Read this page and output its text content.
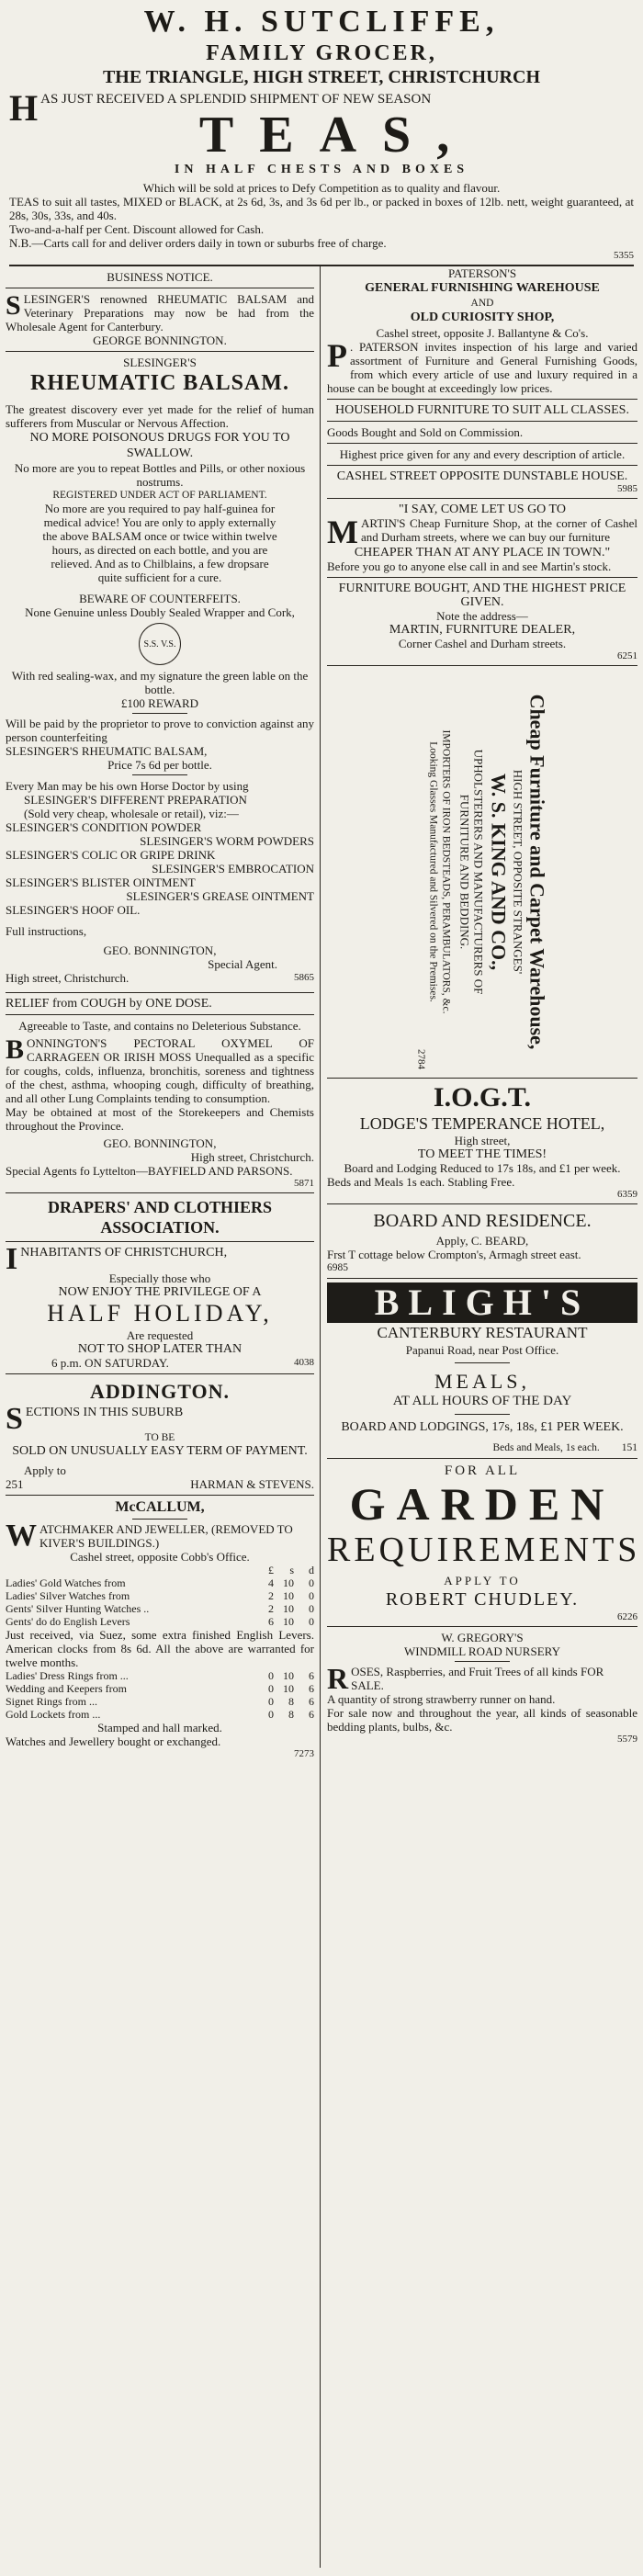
W. H. SUTCLIFFE,
FAMILY GROCER,
THE TRIANGLE, HIGH STREET, CHRISTCHURCH
H AS JUST RECEIVED A SPLENDID SHIPMENT OF NEW SEASON
TEAS,
IN HALF CHESTS AND BOXES

Which will be sold at prices to Defy Competition as to quality and flavour.

TEAS to suit all tastes, MIXED or BLACK, at 2s 6d, 3s, and 3s 6d per lb., or packed in boxes of 12lb. nett, weight guaranteed, at 28s, 30s, 33s, and 40s.

Two-and-a-half per Cent. Discount allowed for Cash.

N.B.—Carts call for and deliver orders daily in town or suburbs free of charge.

5355
BUSINESS NOTICE.

SLESINGER'S renowned RHEUMATIC BALSAM and Veterinary Preparations may now be had from the Wholesale Agent for Canterbury.

GEORGE BONNINGTON.

SLESINGER'S

RHEUMATIC BALSAM.

The greatest discovery ever yet made for the relief of human sufferers from Muscular or Nervous Affection.

NO MORE POISONOUS DRUGS FOR YOU TO SWALLOW.

No more are you to repeat Bottles and Pills, or other noxious nostrums.

REGISTERED UNDER ACT OF PARLIAMENT.

No more are you required to pay half-guinea for medical advice! You are only to apply externally the above BALSAM once or twice within twelve hours, as directed on each bottle, and you are relieved. And as to Chilblains, a few dropsare quite sufficient for a cure.

BEWARE OF COUNTERFEITS.

None Genuine unless Doubly Sealed Wrapper and Cork,

S.S. V.S.

With red sealing-wax, and my signature the green lable on the bottle.

£100 REWARD

Will be paid by the proprietor to prove to conviction against any person counterfeiting

SLESINGER'S RHEUMATIC BALSAM,

Price 7s 6d per bottle.

Every Man may be his own Horse Doctor by using

SLESINGER'S DIFFERENT PREPARATION

(Sold very cheap, wholesale or retail), viz:—

SLESINGER'S CONDITION POWDER

SLESINGER'S WORM POWDERS

SLESINGER'S COLIC OR GRIPE DRINK

SLESINGER'S EMBROCATION

SLESINGER'S BLISTER OINTMENT

SLESINGER'S GREASE OINTMENT

SLESINGER'S HOOF OIL.

Full instructions,

GEO. BONNINGTON,

Special Agent.

High street, Christchurch.	5865

RELIEF from COUGH by ONE DOSE.

Agreeable to Taste, and contains no Deleterious Substance.

BONNINGTON'S PECTORAL OXYMEL OF CARRAGEEN OR IRISH MOSS Unequalled as a specific for coughs, colds, influenza, bronchitis, soreness and tightness of the chest, asthma, whooping cough, difficulty of breathing, and all other Lung Complaints tending to consumption.

May be obtained at most of the Storekeepers and Chemists throughout the Province.

GEO. BONNINGTON,

High street, Christchurch.

Special Agents fo Lyttelton—BAYFIELD AND PARSONS.

5871
DRAPERS' AND CLOTHIERS ASSOCIATION.

INHABITANTS OF CHRISTCHURCH,

Especially those who

NOW ENJOY THE PRIVILEGE OF A

HALF HOLIDAY,

Are requested

NOT TO SHOP LATER THAN

6 p.m. ON SATURDAY.	4038
ADDINGTON.

SECTIONS IN THIS SUBURB

TO BE

SOLD ON UNUSUALLY EASY TERM OF PAYMENT.

Apply to

251	HARMAN & STEVENS.
McCALLUM,

WATCHMAKER AND JEWELLER, (REMOVED TO KIVER'S BUILDINGS.)

Cashel street, opposite Cobb's Office.

	£	s	d
Ladies' Gold Watches from	4	10	0
Ladies' Silver Watches from	2	10	0
Gents' Silver Hunting Watches ..	2	10	0
Gents' do do English Levers	6	10	0

Just received, via Suez, some extra finished English Levers. American clocks from 8s 6d. All the above are warranted for twelve months.

Ladies' Dress Rings from ...	0	10	6
Wedding and Keepers from	0	10	6
Signet Rings from ...	0	8	6
Gold Lockets from ...	0	8	6

Stamped and hall marked.

Watches and Jewellery bought or exchanged.

7273
PATERSON'S
GENERAL FURNISHING WAREHOUSE
AND
OLD CURIOSITY SHOP,
Cashel street, opposite J. Ballantyne & Co's.

P . PATERSON invites inspection of his large and varied assortment of Furniture and General Furnishing Goods, from which every article of use and luxury required in a house can be bought at exceedingly low prices.

HOUSEHOLD FURNITURE TO SUIT ALL CLASSES.

Goods Bought and Sold on Commission.

Highest price given for any and every description of article.

CASHEL STREET OPPOSITE DUNSTABLE HOUSE.

5985
"I SAY, COME LET US GO TO

MARTIN'S Cheap Furniture Shop, at the corner of Cashel and Durham streets, where we can buy our furniture

CHEAPER THAN AT ANY PLACE IN TOWN."

Before you go to anyone else call in and see Martin's stock.

FURNITURE BOUGHT, AND THE HIGHEST PRICE GIVEN.

Note the address—

MARTIN, FURNITURE DEALER,

Corner Cashel and Durham streets.

6251
Cheap Furniture and Carpet Warehouse,
HIGH STREET, OPPOSITE STRANGES'
W. S. KING AND CO.,
UPHOLSTERERS AND MANUFACTURERS OF
FURNITURE AND BEDDING.
IMPORTERS OF IRON BEDSTEADS, PERAMBULATORS, &c.
Looking Glasses Manufactured and Silvered on the Premises.
2784
I.O.G.T.
LODGE'S TEMPERANCE HOTEL,
High street,
TO MEET THE TIMES!

Board and Lodging Reduced to 17s 18s, and £1 per week.

Beds and Meals 1s each. Stabling Free.

6359
BOARD AND RESIDENCE.
Apply, C. BEARD,

Frst T cottage below Crompton's, Armagh street east.

6985
BLIGH'S
CANTERBURY RESTAURANT
Papanui Road, near Post Office.
MEALS,
AT ALL HOURS OF THE DAY
BOARD AND LODGINGS, 17s, 18s, £1 PER WEEK.
Beds and Meals, 1s each. 151
FOR ALL
GARDEN
REQUIREMENTS
APPLY TO
ROBERT CHUDLEY.
6226
W. GREGORY'S
WINDMILL ROAD NURSERY

ROSES, Raspberries, and Fruit Trees of all kinds FOR SALE.

A quantity of strong strawberry runner on hand.

For sale now and throughout the year, all kinds of seasonable bedding plants, bulbs, &c.

5579
